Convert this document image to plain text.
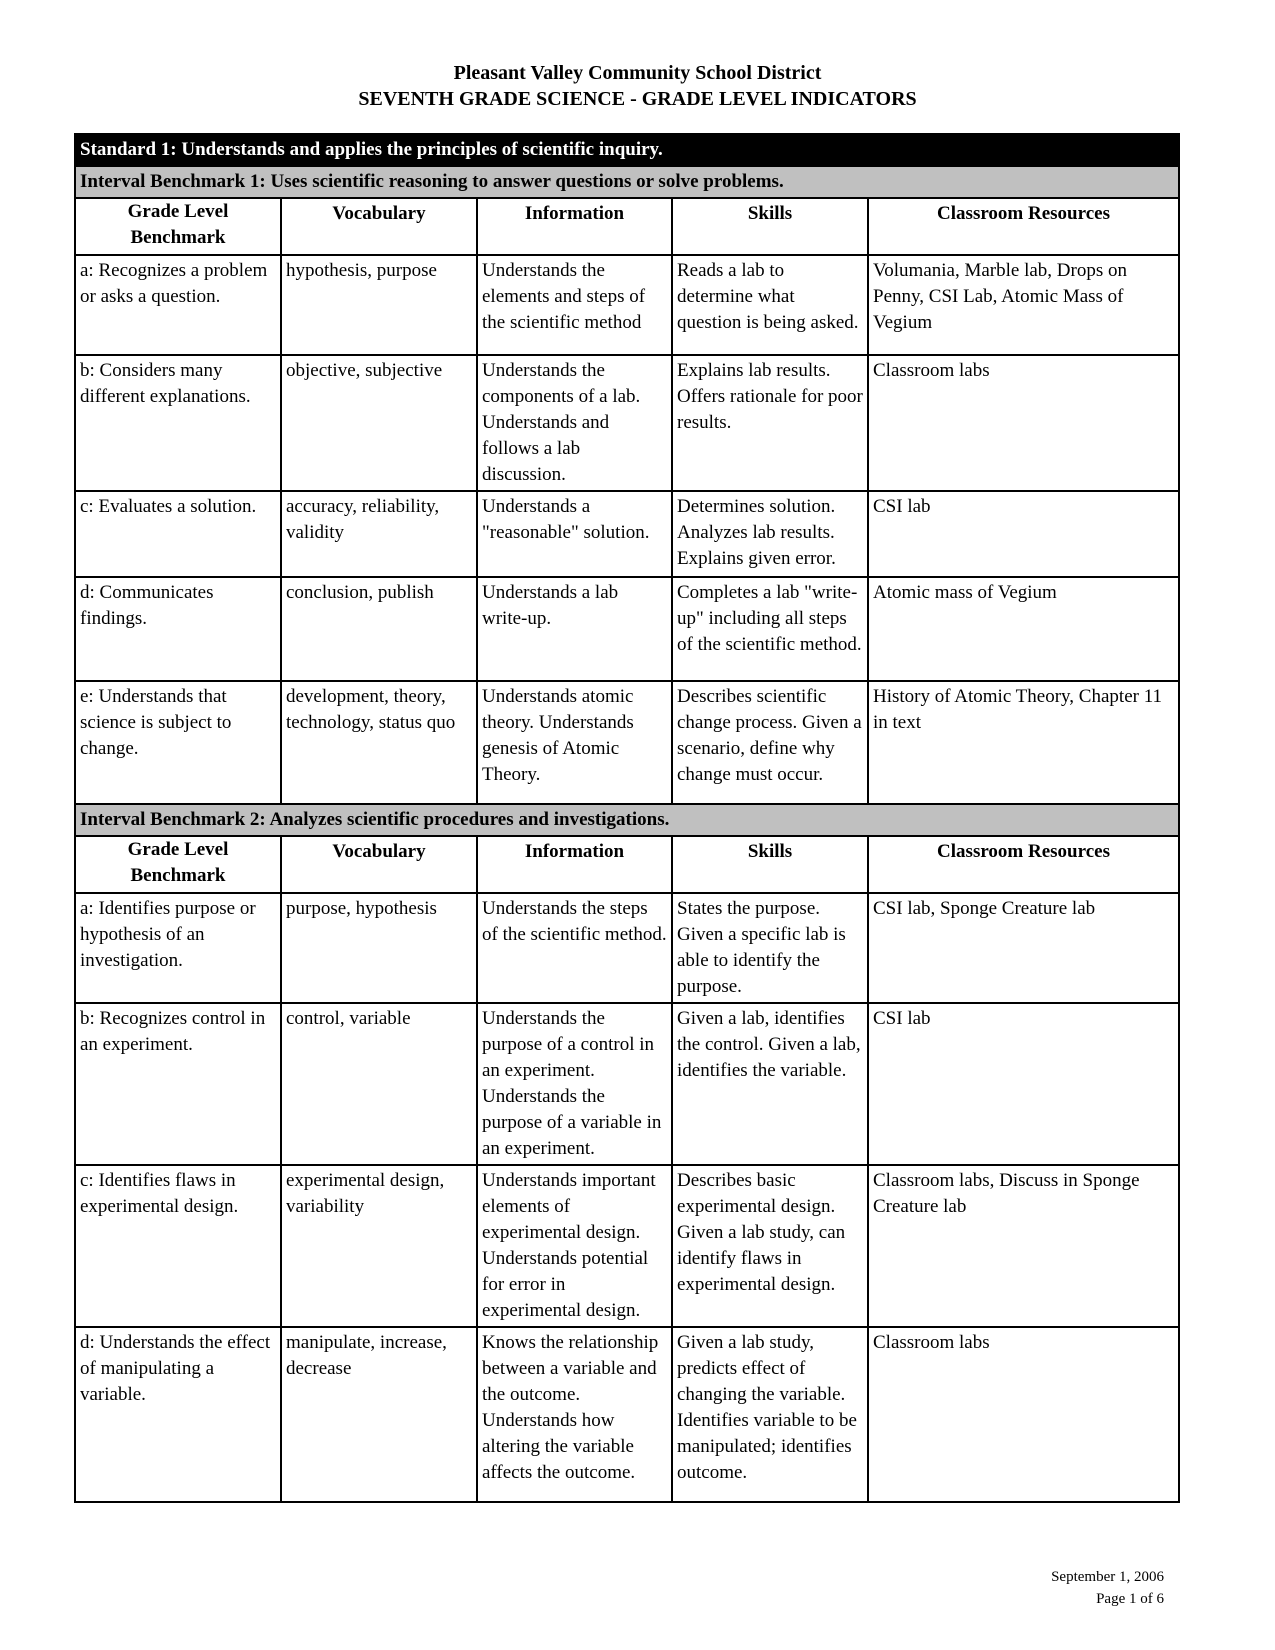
Pleasant Valley Community School District
SEVENTH GRADE SCIENCE - GRADE LEVEL INDICATORS
Standard 1: Understands and applies the principles of scientific inquiry.				
Interval Benchmark 1: Uses scientific reasoning to answer questions or solve problems.				
Grade Level Benchmark	Vocabulary	Information	Skills	Classroom Resources
a: Recognizes a problem or asks a question.	hypothesis, purpose	Understands the elements and steps of the scientific method	Reads a lab to determine what question is being asked.	Volumania, Marble lab, Drops on Penny, CSI Lab, Atomic Mass of Vegium
b: Considers many different explanations.	objective, subjective	Understands the components of a lab. Understands and follows a lab discussion.	Explains lab results. Offers rationale for poor results.	Classroom labs
c: Evaluates a solution.	accuracy, reliability, validity	Understands a "reasonable" solution.	Determines solution. Analyzes lab results. Explains given error.	CSI lab
d: Communicates findings.	conclusion, publish	Understands a lab write-up.	Completes a lab "write-up" including all steps of the scientific method.	Atomic mass of Vegium
e: Understands that science is subject to change.	development, theory, technology, status quo	Understands atomic theory. Understands genesis of Atomic Theory.	Describes scientific change process. Given a scenario, define why change must occur.	History of Atomic Theory, Chapter 11 in text
Interval Benchmark 2: Analyzes scientific procedures and investigations.				
Grade Level Benchmark	Vocabulary	Information	Skills	Classroom Resources
a: Identifies purpose or hypothesis of an investigation.	purpose, hypothesis	Understands the steps of the scientific method.	States the purpose. Given a specific lab is able to identify the purpose.	CSI lab, Sponge Creature lab
b: Recognizes control in an experiment.	control, variable	Understands the purpose of a control in an experiment. Understands the purpose of a variable in an experiment.	Given a lab, identifies the control. Given a lab, identifies the variable.	CSI lab
c: Identifies flaws in experimental design.	experimental design, variability	Understands important elements of experimental design. Understands potential for error in experimental design.	Describes basic experimental design. Given a lab study, can identify flaws in experimental design.	Classroom labs, Discuss in Sponge Creature lab
d: Understands the effect of manipulating a variable.	manipulate, increase, decrease	Knows the relationship between a variable and the outcome. Understands how altering the variable affects the outcome.	Given a lab study, predicts effect of changing the variable. Identifies variable to be manipulated; identifies outcome.	Classroom labs
September 1, 2006
Page 1 of 6
